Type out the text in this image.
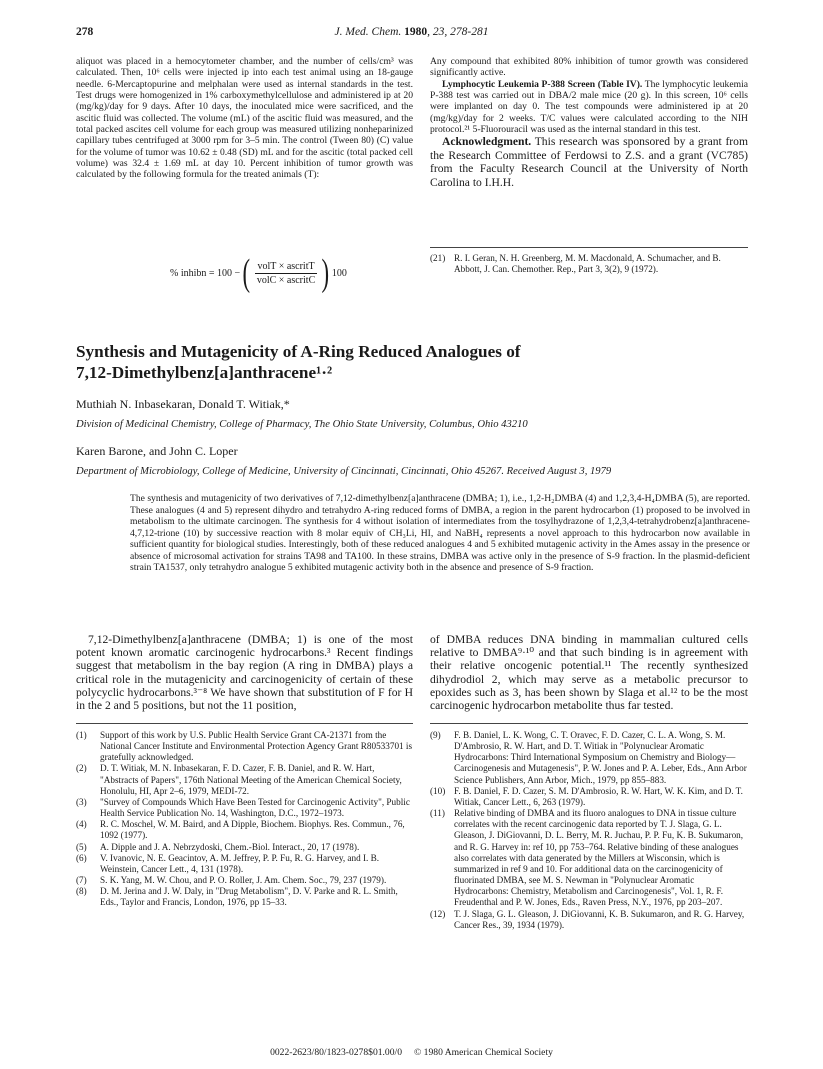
278	J. Med. Chem. 1980, 23, 278-281

aliquot was placed in a hemocytometer chamber, and the number of cells/cm³ was calculated. Then, 10⁶ cells were injected ip into each test animal using an 18-gauge needle. 6-Mercaptopurine and melphalan were used as internal standards in the test. Test drugs were homogenized in 1% carboxymethylcellulose and administered ip at 20 (mg/kg)/day for 9 days. After 10 days, the inoculated mice were sacrificed, and the ascitic fluid was collected. The volume (mL) of the ascitic fluid was measured, and the total packed ascites cell volume for each group was measured utilizing nonheparinized capillary tubes centrifuged at 3000 rpm for 3–5 min. The control (Tween 80) (C) value for the volume of tumor was 10.62 ± 0.48 (SD) mL and for the ascitic (total packed cell volume) was 32.4 ± 1.69 mL at day 10. Percent inhibition of tumor growth was calculated by the following formula for the treated animals (T):

% inhibn = 100 − ( $\frac{\text{volT × ascritT}}{\text{volC × ascritC}}$ ) 100

Any compound that exhibited 80% inhibition of tumor growth was considered significantly active.

Lymphocytic Leukemia P-388 Screen (Table IV). The lymphocytic leukemia P-388 test was carried out in DBA/2 male mice (20 g). In this screen, 10⁶ cells were implanted on day 0. The test compounds were administered ip at 20 (mg/kg)/day for 2 weeks. T/C values were calculated according to the NIH protocol.²¹ 5-Fluorouracil was used as the internal standard in this test.

Acknowledgment. This research was sponsored by a grant from the Research Committee of Ferdowsi to Z.S. and a grant (VC785) from the Faculty Research Council at the University of North Carolina to I.H.H.

(21) R. I. Geran, N. H. Greenberg, M. M. Macdonald, A. Schumacher, and B. Abbott, J. Can. Chemother. Rep., Part 3, 3(2), 9 (1972).
Synthesis and Mutagenicity of A-Ring Reduced Analogues of
7,12-Dimethylbenz[a]anthracene¹·²
Muthiah N. Inbasekaran, Donald T. Witiak,*
Division of Medicinal Chemistry, College of Pharmacy, The Ohio State University, Columbus, Ohio 43210
Karen Barone, and John C. Loper
Department of Microbiology, College of Medicine, University of Cincinnati, Cincinnati, Ohio 45267. Received August 3, 1979
The synthesis and mutagenicity of two derivatives of 7,12-dimethylbenz[a]anthracene (DMBA; 1), i.e., 1,2-H₂DMBA (4) and 1,2,3,4-H₄DMBA (5), are reported. These analogues (4 and 5) represent dihydro and tetrahydro A-ring reduced forms of DMBA, a region in the parent hydrocarbon (1) proposed to be involved in metabolism to the ultimate carcinogen. The synthesis for 4 without isolation of intermediates from the tosylhydrazone of 1,2,3,4-tetrahydrobenz[a]anthracene-4,7,12-trione (10) by successive reaction with 8 molar equiv of CH₃Li, HI, and NaBH₄ represents a novel approach to this hydrocarbon now available in sufficient quantity for biological studies. Interestingly, both of these reduced analogues 4 and 5 exhibited mutagenic activity in the Ames assay in the presence or absence of microsomal activation for strains TA98 and TA100. In these strains, DMBA was active only in the presence of S-9 fraction. In the plasmid-deficient strain TA1537, only tetrahydro analogue 5 exhibited mutagenic activity both in the absence and presence of S-9 fraction.
7,12-Dimethylbenz[a]anthracene (DMBA; 1) is one of the most potent known aromatic carcinogenic hydrocarbons.³ Recent findings suggest that metabolism in the bay region (A ring in DMBA) plays a critical role in the mutagenicity and carcinogenicity of certain of these polycyclic hydrocarbons.³⁻⁸ We have shown that substitution of F for H in the 2 and 5 positions, but not the 11 position,
of DMBA reduces DNA binding in mammalian cultured cells relative to DMBA⁹·¹⁰ and that such binding is in agreement with their relative oncogenic potential.¹¹ The recently synthesized dihydrodiol 2, which may serve as a metabolic precursor to epoxides such as 3, has been shown by Slaga et al.¹² to be the most carcinogenic hydrocarbon metabolite thus far tested.
(1)	Support of this work by U.S. Public Health Service Grant CA-21371 from the National Cancer Institute and Environmental Protection Agency Grant R80533701 is gratefully acknowledged.
(2)	D. T. Witiak, M. N. Inbasekaran, F. D. Cazer, F. B. Daniel, and R. W. Hart, "Abstracts of Papers", 176th National Meeting of the American Chemical Society, Honolulu, HI, Apr 2–6, 1979, MEDI-72.
(3)	"Survey of Compounds Which Have Been Tested for Carcinogenic Activity", Public Health Service Publication No. 14, Washington, D.C., 1972–1973.
(4)	R. C. Moschel, W. M. Baird, and A Dipple, Biochem. Biophys. Res. Commun., 76, 1092 (1977).
(5)	A. Dipple and J. A. Nebrzydoski, Chem.-Biol. Interact., 20, 17 (1978).
(6)	V. Ivanovic, N. E. Geacintov, A. M. Jeffrey, P. P. Fu, R. G. Harvey, and I. B. Weinstein, Cancer Lett., 4, 131 (1978).
(7)	S. K. Yang, M. W. Chou, and P. O. Roller, J. Am. Chem. Soc., 79, 237 (1979).
(8)	D. M. Jerina and J. W. Daly, in "Drug Metabolism", D. V. Parke and R. L. Smith, Eds., Taylor and Francis, London, 1976, pp 15–33.
(9)	F. B. Daniel, L. K. Wong, C. T. Oravec, F. D. Cazer, C. L. A. Wong, S. M. D'Ambrosio, R. W. Hart, and D. T. Witiak in "Polynuclear Aromatic Hydrocarbons: Third International Symposium on Chemistry and Biology—Carcinogenesis and Mutagenesis", P. W. Jones and P. A. Leber, Eds., Ann Arbor Science Publishers, Ann Arbor, Mich., 1979, pp 855–883.
(10) F. B. Daniel, F. D. Cazer, S. M. D'Ambrosio, R. W. Hart, W. K. Kim, and D. T. Witiak, Cancer Lett., 6, 263 (1979).
(11) Relative binding of DMBA and its fluoro analogues to DNA in tissue culture correlates with the recent carcinogenic data reported by T. J. Slaga, G. L. Gleason, J. DiGiovanni, D. L. Berry, M. R. Juchau, P. P. Fu, K. B. Sukumaron, and R. G. Harvey in: ref 10, pp 753–764. Relative binding of these analogues also correlates with data generated by the Millers at Wisconsin, which is summarized in ref 9 and 10. For additional data on the carcinogenicity of fluorinated DMBA, see M. S. Newman in "Polynuclear Aromatic Hydrocarbons: Chemistry, Metabolism and Carcinogenesis", Vol. 1, R. F. Freudenthal and P. W. Jones, Eds., Raven Press, N.Y., 1976, pp 203–207.
(12) T. J. Slaga, G. L. Gleason, J. DiGiovanni, K. B. Sukumaron, and R. G. Harvey, Cancer Res., 39, 1934 (1979).
0022-2623/80/1823-0278$01.00/0 © 1980 American Chemical Society
